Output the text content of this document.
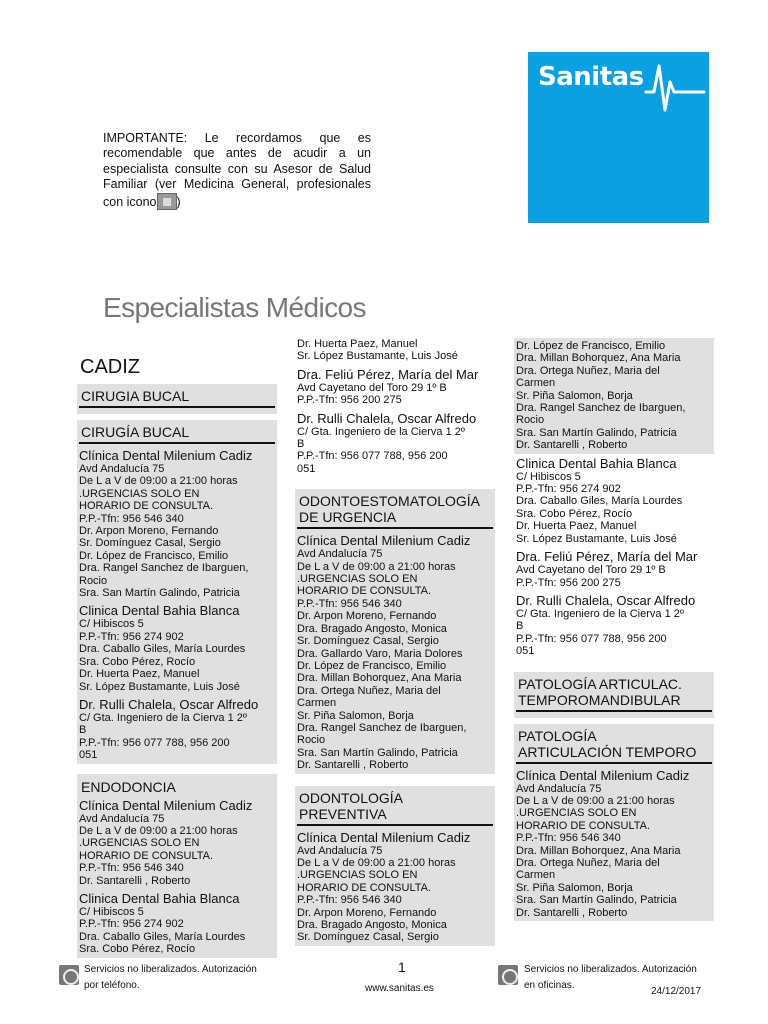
Sanitas
IMPORTANTE: Le recordamos que es recomendable que antes de acudir a un especialista consulte con su Asesor de Salud Familiar (ver Medicina General, profesionales con icono )
Especialistas Médicos
CADIZ
CIRUGIA BUCAL
CIRUGÍA BUCAL
Clínica Dental Milenium Cadiz
Avd Andalucía 75
De L a V de 09:00 a 21:00 horas
.URGENCIAS SOLO EN
HORARIO DE CONSULTA.
P.P.-Tfn: 956 546 340
Dr. Arpon Moreno, Fernando
Sr. Domínguez Casal, Sergio
Dr. López de Francisco, Emilio
Dra. Rangel Sanchez de Ibarguen,
Rocio
Sra. San Martín Galindo, Patricia
Clinica Dental Bahia Blanca
C/ Hibiscos 5
P.P.-Tfn: 956 274 902
Dra. Caballo Giles, María Lourdes
Sra. Cobo Pérez, Rocío
Dr. Huerta Paez, Manuel
Sr. López Bustamante, Luis José
Dr. Rulli Chalela, Oscar Alfredo
C/ Gta. Ingeniero de la Cierva 1 2º
B
P.P.-Tfn: 956 077 788, 956 200
051
ENDODONCIA
Clínica Dental Milenium Cadiz
Avd Andalucía 75
De L a V de 09:00 a 21:00 horas
.URGENCIAS SOLO EN
HORARIO DE CONSULTA.
P.P.-Tfn: 956 546 340
Dr. Santarelli , Roberto
Clinica Dental Bahia Blanca
C/ Hibiscos 5
P.P.-Tfn: 956 274 902
Dra. Caballo Giles, María Lourdes
Sra. Cobo Pérez, Rocío
Dr. Huerta Paez, Manuel
Sr. López Bustamante, Luis José
Dra. Feliú Pérez, María del Mar
Avd Cayetano del Toro 29 1º B
P.P.-Tfn: 956 200 275
Dr. Rulli Chalela, Oscar Alfredo
C/ Gta. Ingeniero de la Cierva 1 2º
B
P.P.-Tfn: 956 077 788, 956 200
051
ODONTOESTOMATOLOGÍA
DE URGENCIA
Clínica Dental Milenium Cadiz
Avd Andalucía 75
De L a V de 09:00 a 21:00 horas
.URGENCIAS SOLO EN
HORARIO DE CONSULTA.
P.P.-Tfn: 956 546 340
Dr. Arpon Moreno, Fernando
Dra. Bragado Angosto, Monica
Sr. Domínguez Casal, Sergio
Dra. Gallardo Varo, Maria Dolores
Dr. López de Francisco, Emilio
Dra. Millan Bohorquez, Ana Maria
Dra. Ortega Nuñez, Maria del
Carmen
Sr. Piña Salomon, Borja
Dra. Rangel Sanchez de Ibarguen,
Rocio
Sra. San Martín Galindo, Patricia
Dr. Santarelli , Roberto
ODONTOLOGÍA
PREVENTIVA
Clínica Dental Milenium Cadiz
Avd Andalucía 75
De L a V de 09:00 a 21:00 horas
.URGENCIAS SOLO EN
HORARIO DE CONSULTA.
P.P.-Tfn: 956 546 340
Dr. Arpon Moreno, Fernando
Dra. Bragado Angosto, Monica
Sr. Domínguez Casal, Sergio
Dr. López de Francisco, Emilio
Dra. Millan Bohorquez, Ana Maria
Dra. Ortega Nuñez, Maria del
Carmen
Sr. Piña Salomon, Borja
Dra. Rangel Sanchez de Ibarguen,
Rocio
Sra. San Martín Galindo, Patricia
Dr. Santarelli , Roberto
Clinica Dental Bahia Blanca
C/ Hibiscos 5
P.P.-Tfn: 956 274 902
Dra. Caballo Giles, María Lourdes
Sra. Cobo Pérez, Rocío
Dr. Huerta Paez, Manuel
Sr. López Bustamante, Luis José
Dra. Feliú Pérez, María del Mar
Avd Cayetano del Toro 29 1º B
P.P.-Tfn: 956 200 275
Dr. Rulli Chalela, Oscar Alfredo
C/ Gta. Ingeniero de la Cierva 1 2º
B
P.P.-Tfn: 956 077 788, 956 200
051
PATOLOGÍA ARTICULAC.
TEMPOROMANDIBULAR
PATOLOGÍA
ARTICULACIÓN TEMPORO
Clínica Dental Milenium Cadiz
Avd Andalucía 75
De L a V de 09:00 a 21:00 horas
.URGENCIAS SOLO EN
HORARIO DE CONSULTA.
P.P.-Tfn: 956 546 340
Dra. Millan Bohorquez, Ana Maria
Dra. Ortega Nuñez, Maria del
Carmen
Sr. Piña Salomon, Borja
Sra. San Martín Galindo, Patricia
Dr. Santarelli , Roberto
Servicios no liberalizados. Autorización
por teléfono.
1
www.sanitas.es
Servicios no liberalizados. Autorización
en oficinas.
24/12/2017
